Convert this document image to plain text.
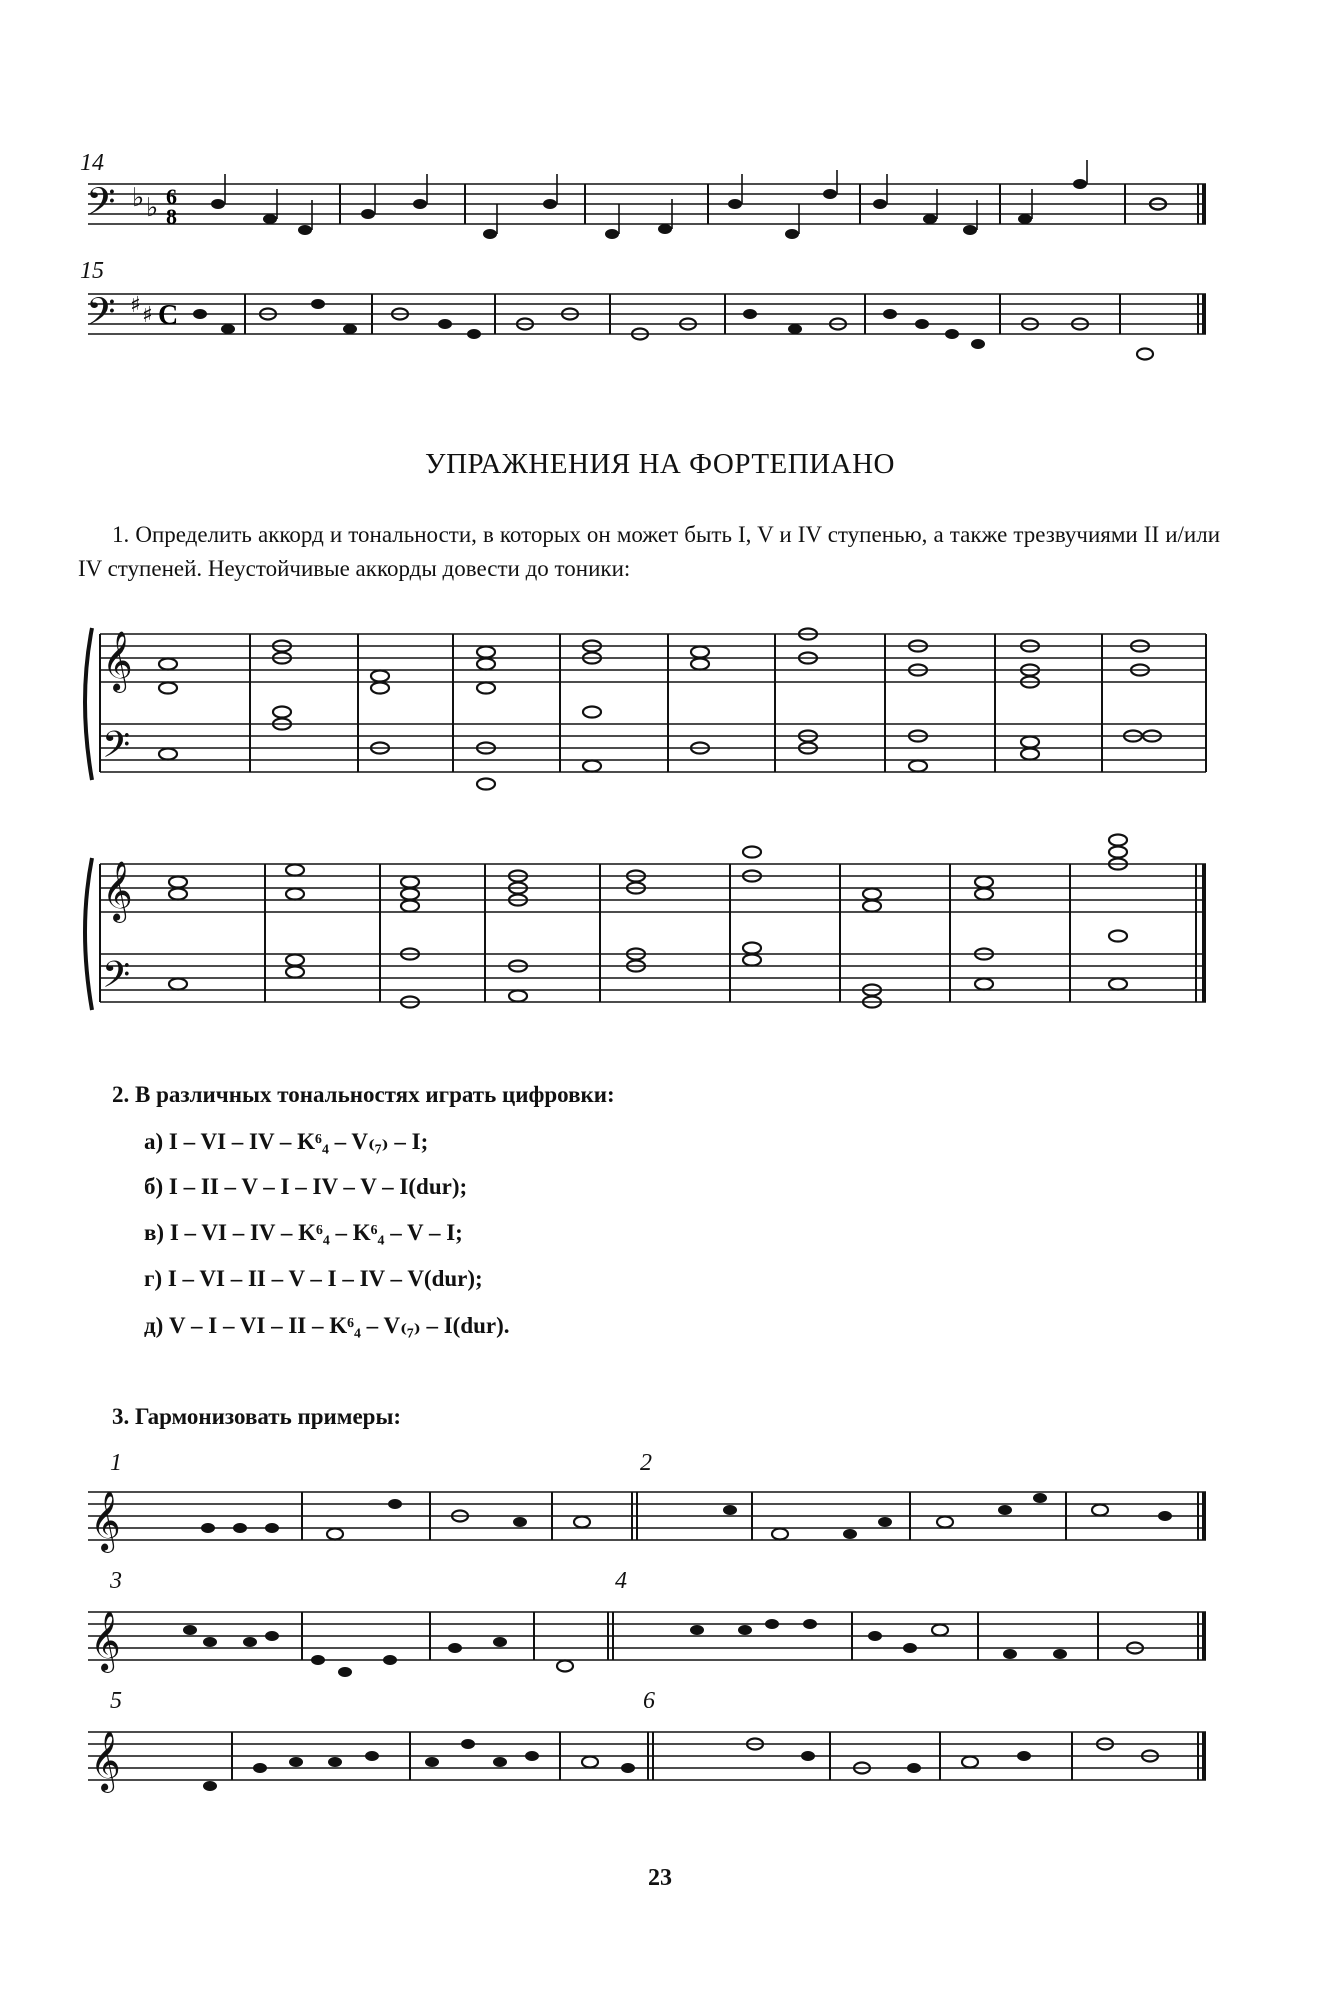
14
15
УПРАЖНЕНИЯ НА ФОРТЕПИАНО
1. Определить аккорд и тональности, в которых он может быть I, V и IV ступенью, а также трезвучиями II и/или IV ступеней. Неустойчивые аккорды довести до тоники:
2. В различных тональностях играть цифровки:
а) I – VI – IV – K⁶₄ – V₍₇₎ – I;
б) I – II – V – I – IV – V – I(dur);
в) I – VI – IV – K⁶₄ – K⁶₄ – V – I;
г) I – VI – II – V – I – IV – V(dur);
д) V – I – VI – II – K⁶₄ – V₍₇₎ – I(dur).
3. Гармонизовать примеры:
1	2
3	4
5	6
23
𝄢 ♭ ♭ 6
8
𝄢 ♯ ♯ C
𝄞
𝄢
𝄞
𝄢
𝄞
𝄞
𝄞
